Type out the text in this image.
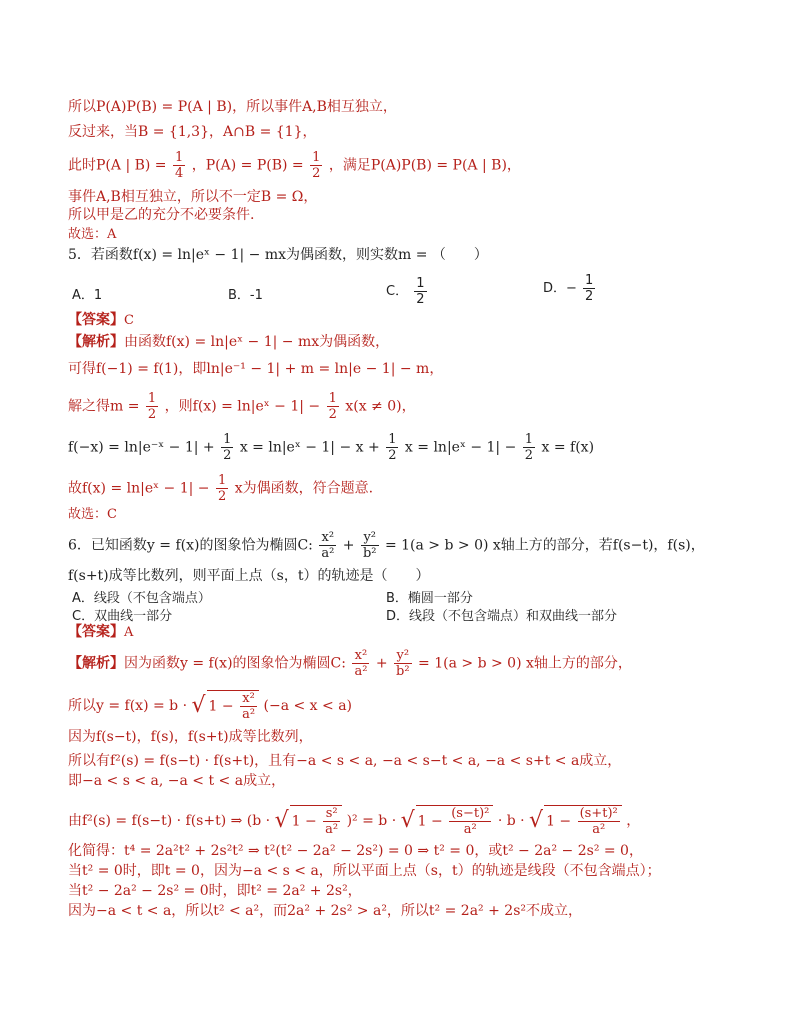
所以P(A)P(B) = P(A | B)，所以事件A,B相互独立，
反过来，当B = {1,3}，A∩B = {1}，
此时P(A | $B) = \frac{1}{4}$ ，$P(A) = P(B) = \frac{1}{2}$ ，满足P(A)P(B) = P(A | B)，
事件A,B相互独立，所以不一定B = Ω，
所以甲是乙的充分不必要条件.
故选：A
5．若函数f(x) = ln|eˣ − 1| − mx为偶函数，则实数m = （　　）
A．1	B．-1	C． $\frac{1}{2}$	D．− $\frac{1}{2}$
【答案】C
【解析】由函数f(x) = ln|eˣ − 1| − mx为偶函数，
可得f(−1) = f(1)，即ln|e⁻¹ − 1| + m = ln|e − 1| − m，
解之得$m = \frac{1}{2}$ ，则f(x) = ln|eˣ − $1| - \frac{1}{2} x(x \ne 0)$，
f(−x) = ln|e⁻ˣ − $1| + \frac{1}{2}$ x = ln|eˣ − $1| - x + \frac{1}{2}$ x = ln|eˣ − $1| - \frac{1}{2}$ x = f(x)
故f(x) = ln|eˣ − $1| - \frac{1}{2}$ x为偶函数，符合题意.
故选：C
6．已知函数y = f(x)的图象恰为椭圆C: $\frac{\text{x²}}{\text{a²}} + \frac{\text{y²}}{\text{b²}} = 1(a > b > 0)$ x轴上方的部分，若f(s−t)，f(s)，
f(s+t)成等比数列，则平面上点（s，t）的轨迹是（　　）
A．线段（不包含端点）	B．椭圆一部分
C．双曲线一部分	D．线段（不包含端点）和双曲线一部分
【答案】A
【解析】因为函数y = f(x)的图象恰为椭圆C: $\frac{\text{x²}}{\text{a²}} + \frac{\text{y²}}{\text{b²}} = 1(a > b > 0)$ x轴上方的部分，
所以y = f(x) = b · √ $1 - \frac{\text{x²}}{\text{a²}} (-a < x < a)$
因为f(s−t)，f(s)，f(s+t)成等比数列，
所以有f²(s) = f(s−t) · f(s+t)，且有−a < s < a, −a < s−t < a, −a < s+t < a成立，
即−a < s < a, −a < t < a成立，
由f²(s) = f(s−t) · f(s+t) ⇒ (b · √ $1 - \frac{\text{s²}}{\text{a²}} )^2 = b$ · √ $1 - \frac{\text{(s−t)²}}{\text{a²}} \cdot b$ · √ $1 - \frac{\text{(s+t)²}}{\text{a²}}$ ，
化简得：t⁴ = 2a²t² + 2s²t² ⇒ t²(t² − 2a² − 2s²) = 0 ⇒ t² = 0，或t² − 2a² − 2s² = 0，
当t² = 0时，即t = 0，因为−a < s < a，所以平面上点（s，t）的轨迹是线段（不包含端点）；
当t² − 2a² − 2s² = 0时，即t² = 2a² + 2s²，
因为−a < t < a，所以t² < a²，而2a² + 2s² > a²，所以t² = 2a² + 2s²不成立，
